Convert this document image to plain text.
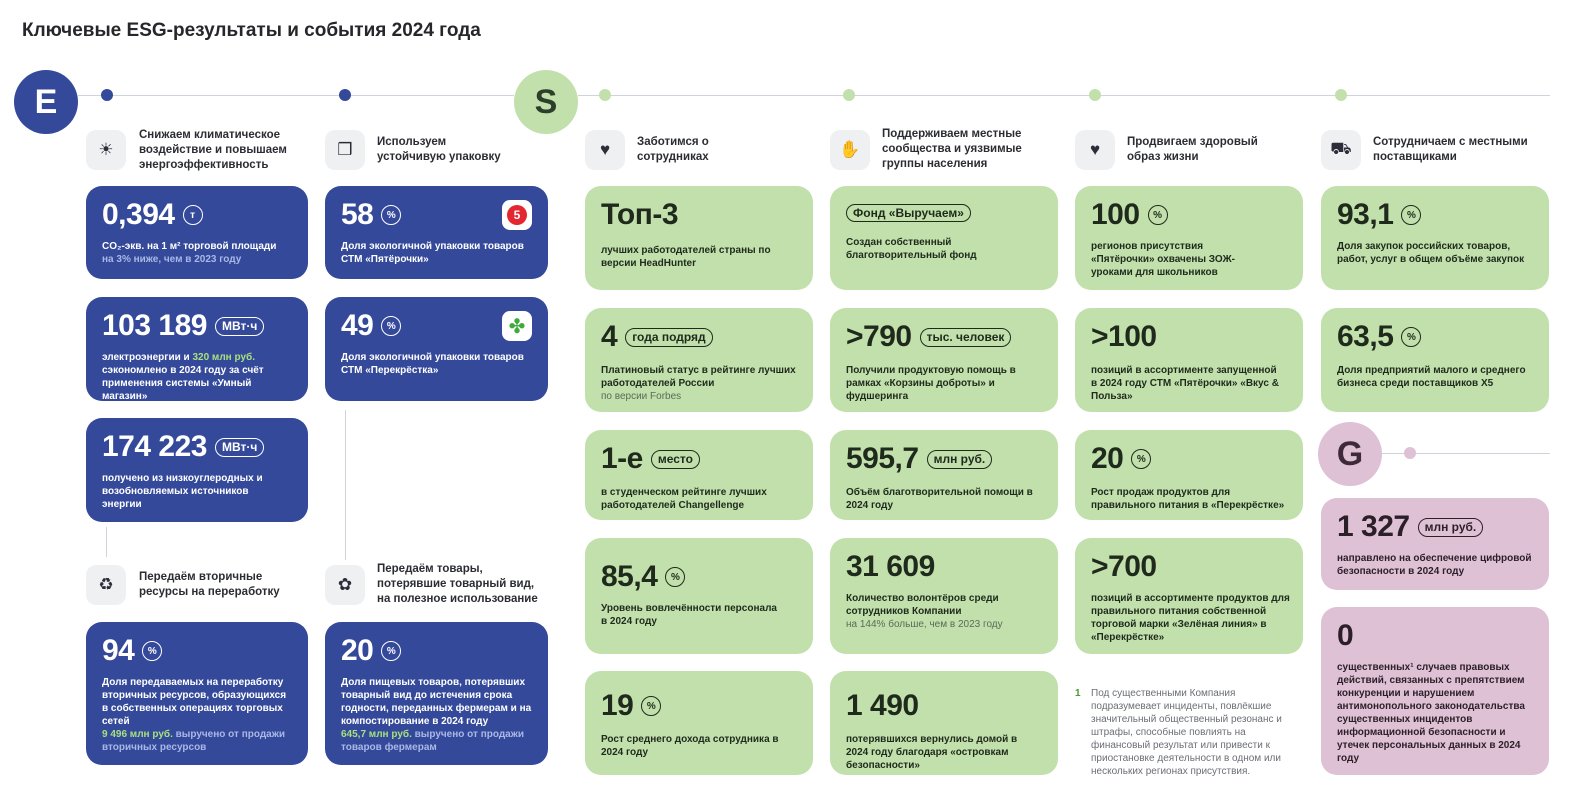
Ключевые ESG-результаты и события 2024 года
E	S
G
☀
Снижаем климатическое воздействие и повышаем энергоэффективность
❒	Используем устойчивую упаковку
♻	Передаём вторичные ресурсы на переработку	✿
Передаём товары, потерявшие товарный вид, на полезное использование
♥	Заботимся о сотрудниках	✋
Поддерживаем местные сообщества и уязвимые группы населения
♥	Продвигаем здоровый образ жизни	⛟	Сотрудничаем с местными поставщиками
0,394	т
CO₂-экв. на 1 м² торговой площади
на 3% ниже, чем в 2023 году
103 189	МВт·ч
электроэнергии и 320 млн руб. сэкономлено в 2024 году за счёт применения системы «Умный магазин»
174 223	МВт·ч
получено из низкоуглеродных и возобновляемых источников энергии
94	%
Доля передаваемых на переработку вторичных ресурсов, образующихся в собственных операциях торговых сетей
9 496 млн руб. выручено от продажи вторичных ресурсов
58	%	5
Доля экологичной упаковки товаров СТМ «Пятёрочки»
49	%	✤
Доля экологичной упаковки товаров СТМ «Перекрёстка»
20	%
Доля пищевых товаров, потерявших товарный вид до истечения срока годности, переданных фермерам и на компостирование в 2024 году
645,7 млн руб. выручено от продажи товаров фермерам
Топ-3
лучших работодателей страны по версии HeadHunter
4	года подряд
Платиновый статус в рейтинге лучших работодателей России
по версии Forbes
1-е	место
в студенческом рейтинге лучших работодателей Changellenge
85,4	%
Уровень вовлечённости персонала в 2024 году
19	%
Рост среднего дохода сотрудника в 2024 году
Фонд «Выручаем»
Создан собственный благотворительный фонд
>790	тыс. человек
Получили продуктовую помощь в рамках «Корзины доброты» и фудшеринга
595,7	млн руб.
Объём благотворительной помощи в 2024 году
31 609
Количество волонтёров среди сотрудников Компании
на 144% больше, чем в 2023 году
1 490
потерявшихся вернулись домой в 2024 году благодаря «островкам безопасности»
100	%
регионов присутствия «Пятёрочки» охвачены ЗОЖ-уроками для школьников
>100
позиций в ассортименте запущенной в 2024 году СТМ «Пятёрочки» «Вкус & Польза»
20	%
Рост продаж продуктов для правильного питания в «Перекрёстке»
>700
позиций в ассортименте продуктов для правильного питания собственной торговой марки «Зелёная линия» в «Перекрёстке»
1 Под существенными Компания подразумевает инциденты, повлёкшие значительный общественный резонанс и штрафы, способные повлиять на финансовый результат или привести к приостановке деятельности в одном или нескольких регионах присутствия.
93,1	%
Доля закупок российских товаров, работ, услуг в общем объёме закупок
63,5	%
Доля предприятий малого и среднего бизнеса среди поставщиков X5
1 327	млн руб.
направлено на обеспечение цифровой безопасности в 2024 году
0
существенных¹ случаев правовых действий, связанных с препятствием конкуренции и нарушением антимонопольного законодательства существенных инцидентов информационной безопасности и утечек персональных данных в 2024 году
